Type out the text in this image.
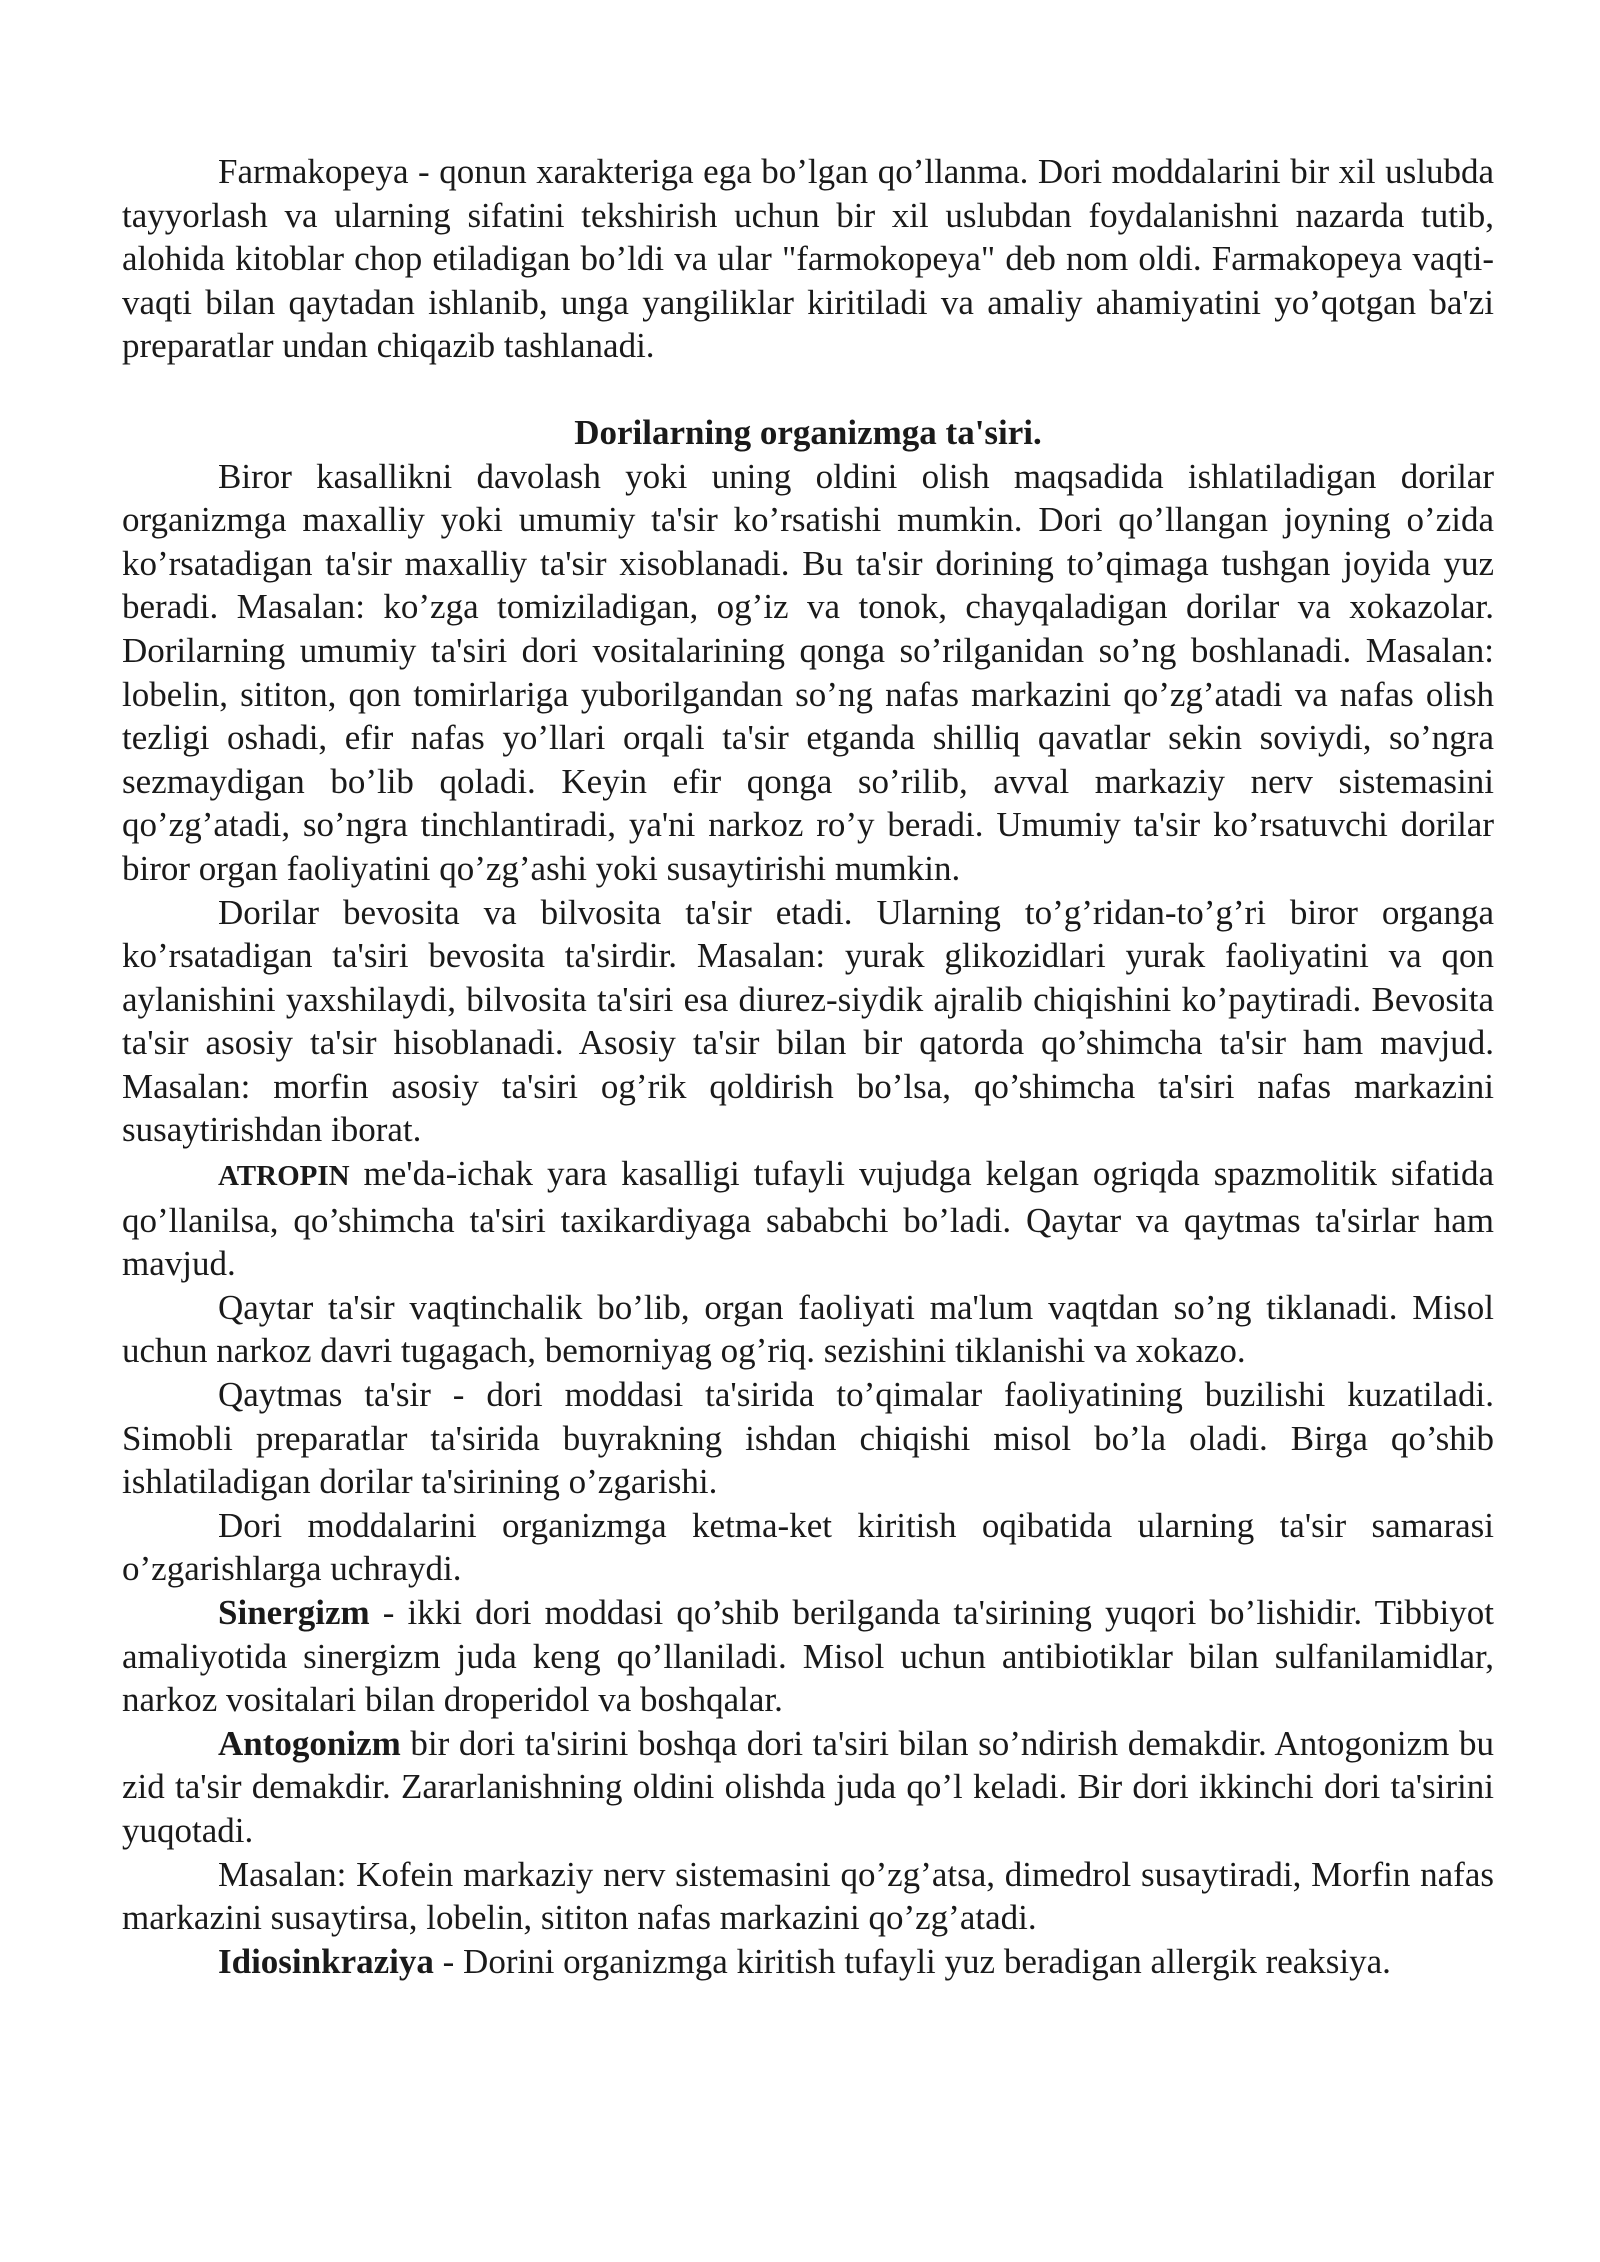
Farmakopeya - qonun xarakteriga ega bo’lgan qo’llanma. Dori moddalarini bir xil uslubda tayyorlash va ularning sifatini tekshirish uchun bir xil uslubdan foydalanishni nazarda tutib, alohida kitoblar chop etiladigan bo’ldi va ular "farmokopeya" deb nom oldi. Farmakopeya vaqti-vaqti bilan qaytadan ishlanib, unga yangiliklar kiritiladi va amaliy ahamiyatini yo’qotgan ba'zi preparatlar undan chiqazib tashlanadi.

Dorilarning organizmga ta'siri.

Biror kasallikni davolash yoki uning oldini olish maqsadida ishlatiladigan dorilar organizmga maxalliy yoki umumiy ta'sir ko’rsatishi mumkin. Dori qo’llangan joyning o’zida ko’rsatadigan ta'sir maxalliy ta'sir xisoblanadi. Bu ta'sir dorining to’qimaga tushgan joyida yuz beradi. Masalan: ko’zga tomiziladigan, og’iz va tonok, chayqaladigan dorilar va xokazolar. Dorilarning umumiy ta'siri dori vositalarining qonga so’rilganidan so’ng boshlanadi. Masalan: lobelin, sititon, qon tomirlariga yuborilgandan so’ng nafas markazini qo’zg’atadi va nafas olish tezligi oshadi, efir nafas yo’llari orqali ta'sir etganda shilliq qavatlar sekin soviydi, so’ngra sezmaydigan bo’lib qoladi. Keyin efir qonga so’rilib, avval markaziy nerv sistemasini qo’zg’atadi, so’ngra tinchlantiradi, ya'ni narkoz ro’y beradi. Umumiy ta'sir ko’rsatuvchi dorilar biror organ faoliyatini qo’zg’ashi yoki susaytirishi mumkin.

Dorilar bevosita va bilvosita ta'sir etadi. Ularning to’g’ridan-to’g’ri biror organga ko’rsatadigan ta'siri bevosita ta'sirdir. Masalan: yurak glikozidlari yurak faoliyatini va qon aylanishini yaxshilaydi, bilvosita ta'siri esa diurez-siydik ajralib chiqishini ko’paytiradi. Bevosita ta'sir asosiy ta'sir hisoblanadi. Asosiy ta'sir bilan bir qatorda qo’shimcha ta'sir ham mavjud. Masalan: morfin asosiy ta'siri og’rik qoldirish bo’lsa, qo’shimcha ta'siri nafas markazini susaytirishdan iborat.

ATROPIN me'da-ichak yara kasalligi tufayli vujudga kelgan ogriqda spazmolitik sifatida qo’llanilsa, qo’shimcha ta'siri taxikardiyaga sababchi bo’ladi. Qaytar va qaytmas ta'sirlar ham mavjud.

Qaytar ta'sir vaqtinchalik bo’lib, organ faoliyati ma'lum vaqtdan so’ng tiklanadi. Misol uchun narkoz davri tugagach, bemorniyag og’riq. sezishini tiklanishi va xokazo.

Qaytmas ta'sir - dori moddasi ta'sirida to’qimalar faoliyatining buzilishi kuzatiladi. Simobli preparatlar ta'sirida buyrakning ishdan chiqishi misol bo’la oladi. Birga qo’shib ishlatiladigan dorilar ta'sirining o’zgarishi.

Dori moddalarini organizmga ketma-ket kiritish oqibatida ularning ta'sir samarasi o’zgarishlarga uchraydi.

Sinergizm - ikki dori moddasi qo’shib berilganda ta'sirining yuqori bo’lishidir. Tibbiyot amaliyotida sinergizm juda keng qo’llaniladi. Misol uchun antibiotiklar bilan sulfanilamidlar, narkoz vositalari bilan droperidol va boshqalar.

Antogonizm bir dori ta'sirini boshqa dori ta'siri bilan so’ndirish demakdir. Antogonizm bu zid ta'sir demakdir. Zararlanishning oldini olishda juda qo’l keladi. Bir dori ikkinchi dori ta'sirini yuqotadi.

Masalan: Kofein markaziy nerv sistemasini qo’zg’atsa, dimedrol susaytiradi, Morfin nafas markazini susaytirsa, lobelin, sititon nafas markazini qo’zg’atadi.

Idiosinkraziya - Dorini organizmga kiritish tufayli yuz beradigan allergik reaksiya.
